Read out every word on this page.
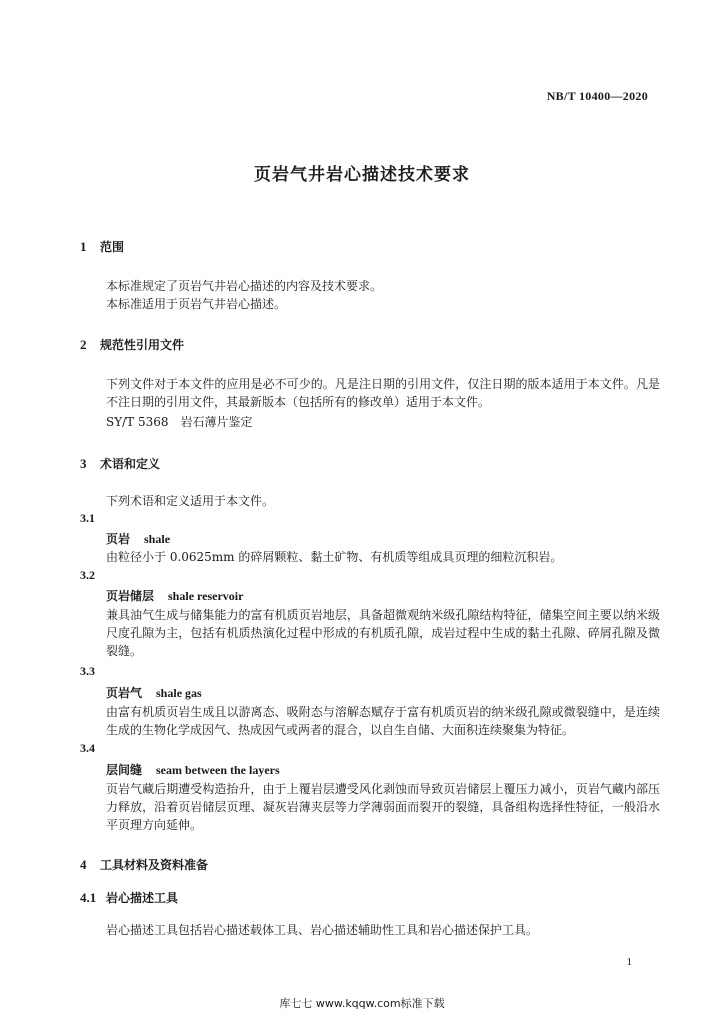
NB/T 10400—2020
页岩气井岩心描述技术要求
1 范围
本标准规定了页岩气井岩心描述的内容及技术要求。
本标准适用于页岩气井岩心描述。
2 规范性引用文件
下列文件对于本文件的应用是必不可少的。凡是注日期的引用文件，仅注日期的版本适用于本文件。凡是不注日期的引用文件，其最新版本（包括所有的修改单）适用于本文件。
SY/T 5368　岩石薄片鉴定
3 术语和定义
下列术语和定义适用于本文件。
3.1
页岩 shale
由粒径小于 0.0625mm 的碎屑颗粒、黏土矿物、有机质等组成具页理的细粒沉积岩。
3.2
页岩储层 shale reservoir
兼具油气生成与储集能力的富有机质页岩地层，具备超微观纳米级孔隙结构特征，储集空间主要以纳米级尺度孔隙为主，包括有机质热演化过程中形成的有机质孔隙，成岩过程中生成的黏土孔隙、碎屑孔隙及微裂缝。
3.3
页岩气 shale gas
由富有机质页岩生成且以游离态、吸附态与溶解态赋存于富有机质页岩的纳米级孔隙或微裂缝中，是连续生成的生物化学成因气、热成因气或两者的混合，以自生自储、大面积连续聚集为特征。
3.4
层间缝 seam between the layers
页岩气藏后期遭受构造抬升，由于上覆岩层遭受风化剥蚀而导致页岩储层上覆压力减小，页岩气藏内部压力释放，沿着页岩储层页理、凝灰岩薄夹层等力学薄弱面而裂开的裂缝，具备组构选择性特征，一般沿水平页理方向延伸。
4 工具材料及资料准备
4.1 岩心描述工具
岩心描述工具包括岩心描述载体工具、岩心描述辅助性工具和岩心描述保护工具。
1
库七七 www.kqqw.com标准下载
